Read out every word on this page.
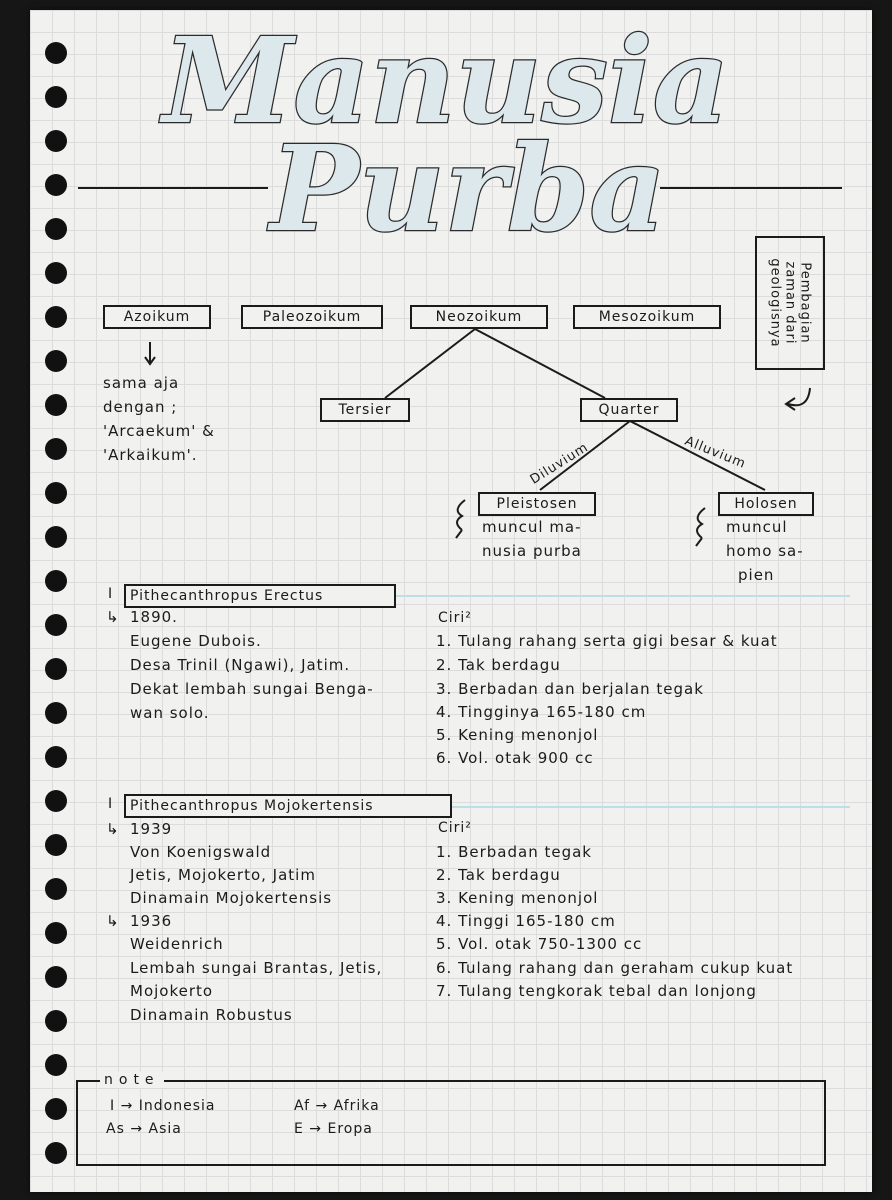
Manusia
Purba
Pembagian
zaman dari
geologisnya
Diluvium	Alluvium
Azoikum	Paleozoikum	Neozoikum	Mesozoikum
sama aja
dengan ;
'Arcaekum' &
'Arkaikum'.
Tersier	Quarter
Pleistosen	Holosen
muncul ma-
nusia purba
muncul
homo sa-
pien
I	Pithecanthropus Erectus
↳ 1890.
Eugene Dubois.
Desa Trinil (Ngawi), Jatim.
Dekat lembah sungai Benga-
wan solo.
Ciri²
1. Tulang rahang serta gigi besar & kuat
2. Tak berdagu
3. Berbadan dan berjalan tegak
4. Tingginya 165-180 cm
5. Kening menonjol
6. Vol. otak 900 cc
I	Pithecanthropus Mojokertensis
↳ 1939
Von Koenigswald
Jetis, Mojokerto, Jatim
Dinamain Mojokertensis
↳ 1936
Weidenrich
Lembah sungai Brantas, Jetis,
Mojokerto
Dinamain Robustus
Ciri²
1. Berbadan tegak
2. Tak berdagu
3. Kening menonjol
4. Tinggi 165-180 cm
5. Vol. otak 750-1300 cc
6. Tulang rahang dan geraham cukup kuat
7. Tulang tengkorak tebal dan lonjong
note
I → Indonesia	Af → Afrika
As → Asia	E → Eropa
